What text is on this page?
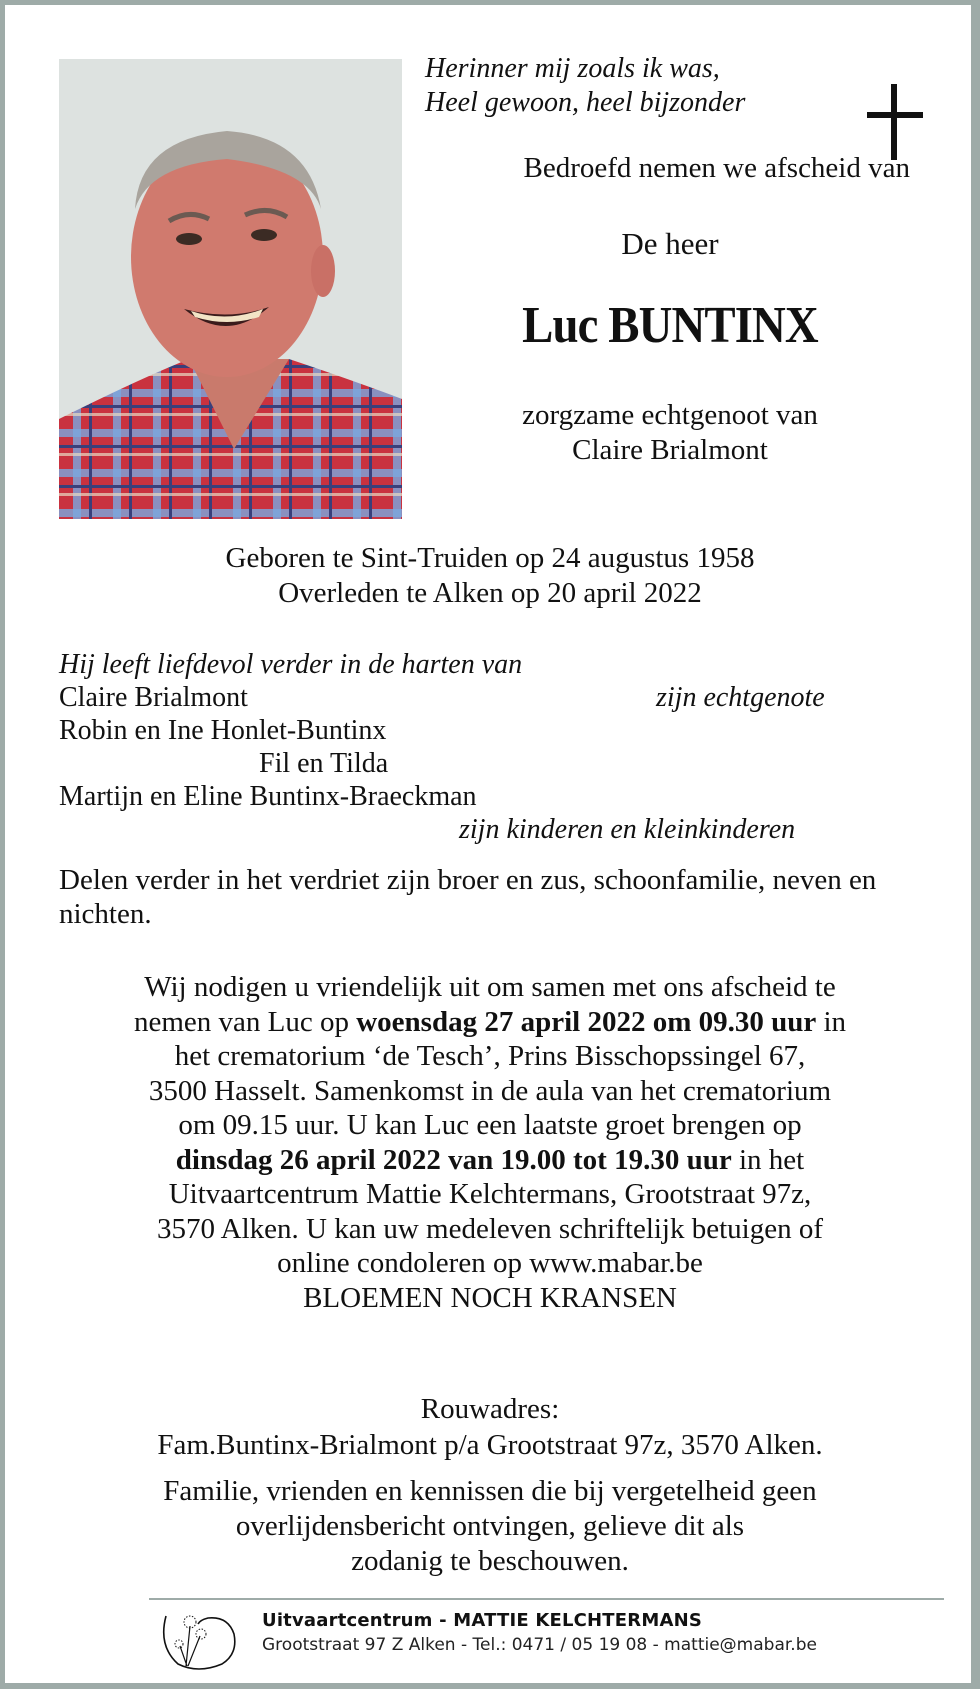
Herinner mij zoals ik was,
Heel gewoon, heel bijzonder
Bedroefd nemen we afscheid van
De heer
Luc BUNTINX
zorgzame echtgenoot van
Claire Brialmont
Geboren te Sint-Truiden op 24 augustus 1958
Overleden te Alken op 20 april 2022
Hij leeft liefdevol verder in de harten van
Claire Brialmont	zijn echtgenote
Robin en Ine Honlet-Buntinx
Fil en Tilda
Martijn en Eline Buntinx-Braeckman
zijn kinderen en kleinkinderen
Delen verder in het verdriet zijn broer en zus, schoonfamilie, neven en nichten.
Wij nodigen u vriendelijk uit om samen met ons afscheid te
nemen van Luc op woensdag 27 april 2022 om 09.30 uur in
het crematorium ‘de Tesch’, Prins Bisschopssingel 67,
3500 Hasselt. Samenkomst in de aula van het crematorium
om 09.15 uur. U kan Luc een laatste groet brengen op
dinsdag 26 april 2022 van 19.00 tot 19.30 uur in het
Uitvaartcentrum Mattie Kelchtermans, Grootstraat 97z,
3570 Alken. U kan uw medeleven schriftelijk betuigen of
online condoleren op www.mabar.be
BLOEMEN NOCH KRANSEN
Rouwadres:
Fam.Buntinx-Brialmont p/a Grootstraat 97z, 3570 Alken.
Familie, vrienden en kennissen die bij vergetelheid geen
overlijdensbericht ontvingen, gelieve dit als
zodanig te beschouwen.
Uitvaartcentrum - MATTIE KELCHTERMANS
Grootstraat 97 Z Alken - Tel.: 0471 / 05 19 08 - mattie@mabar.be
